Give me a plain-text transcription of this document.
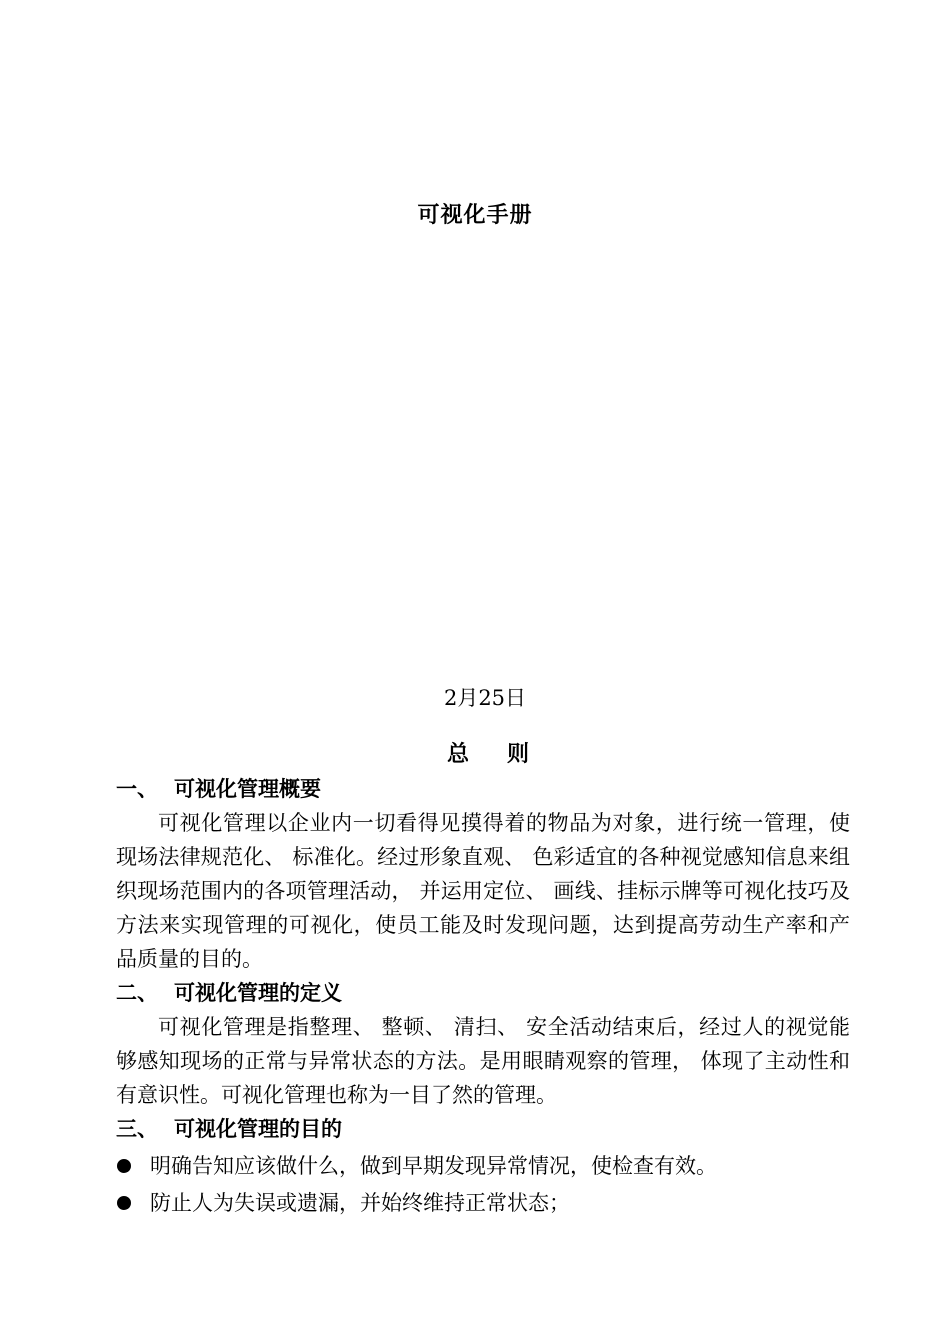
可视化手册
2月25日
总 则
一、 可视化管理概要
可视化管理以企业内一切看得见摸得着的物品为对象，进行统一管理，使现场法律规范化、 标准化。经过形象直观、 色彩适宜的各种视觉感知信息来组织现场范围内的各项管理活动， 并运用定位、 画线、挂标示牌等可视化技巧及方法来实现管理的可视化，使员工能及时发现问题，达到提高劳动生产率和产品质量的目的。
二、 可视化管理的定义
可视化管理是指整理、 整顿、 清扫、 安全活动结束后，经过人的视觉能够感知现场的正常与异常状态的方法。是用眼睛观察的管理， 体现了主动性和有意识性。可视化管理也称为一目了然的管理。
三、 可视化管理的目的
明确告知应该做什么，做到早期发现异常情况，使检查有效。
防止人为失误或遗漏，并始终维持正常状态；
